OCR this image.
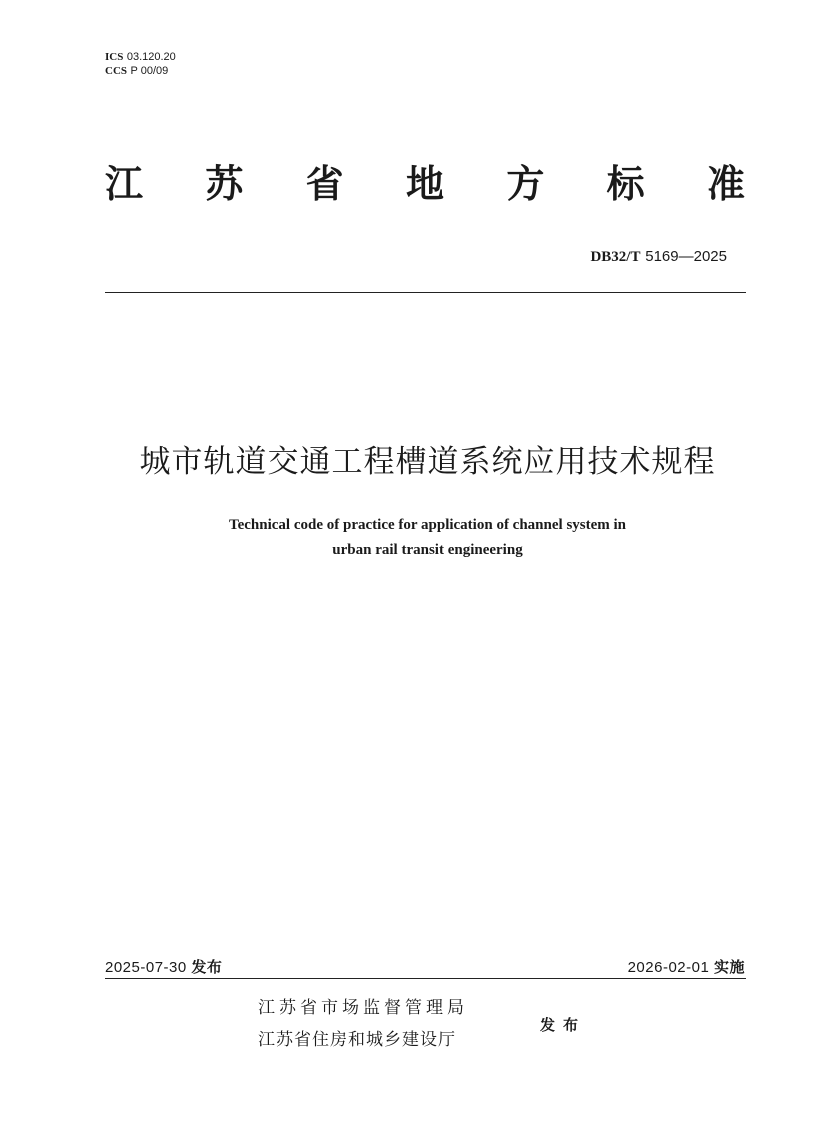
ICS 03.120.20
CCS P 00/09
江 苏 省 地 方 标 准
DB32/T 5169—2025
城市轨道交通工程槽道系统应用技术规程
Technical code of practice for application of channel system in
urban rail transit engineering
2025-07-30 发布	2026-02-01 实施
江苏省市场监督管理局
江苏省住房和城乡建设厅
发布
